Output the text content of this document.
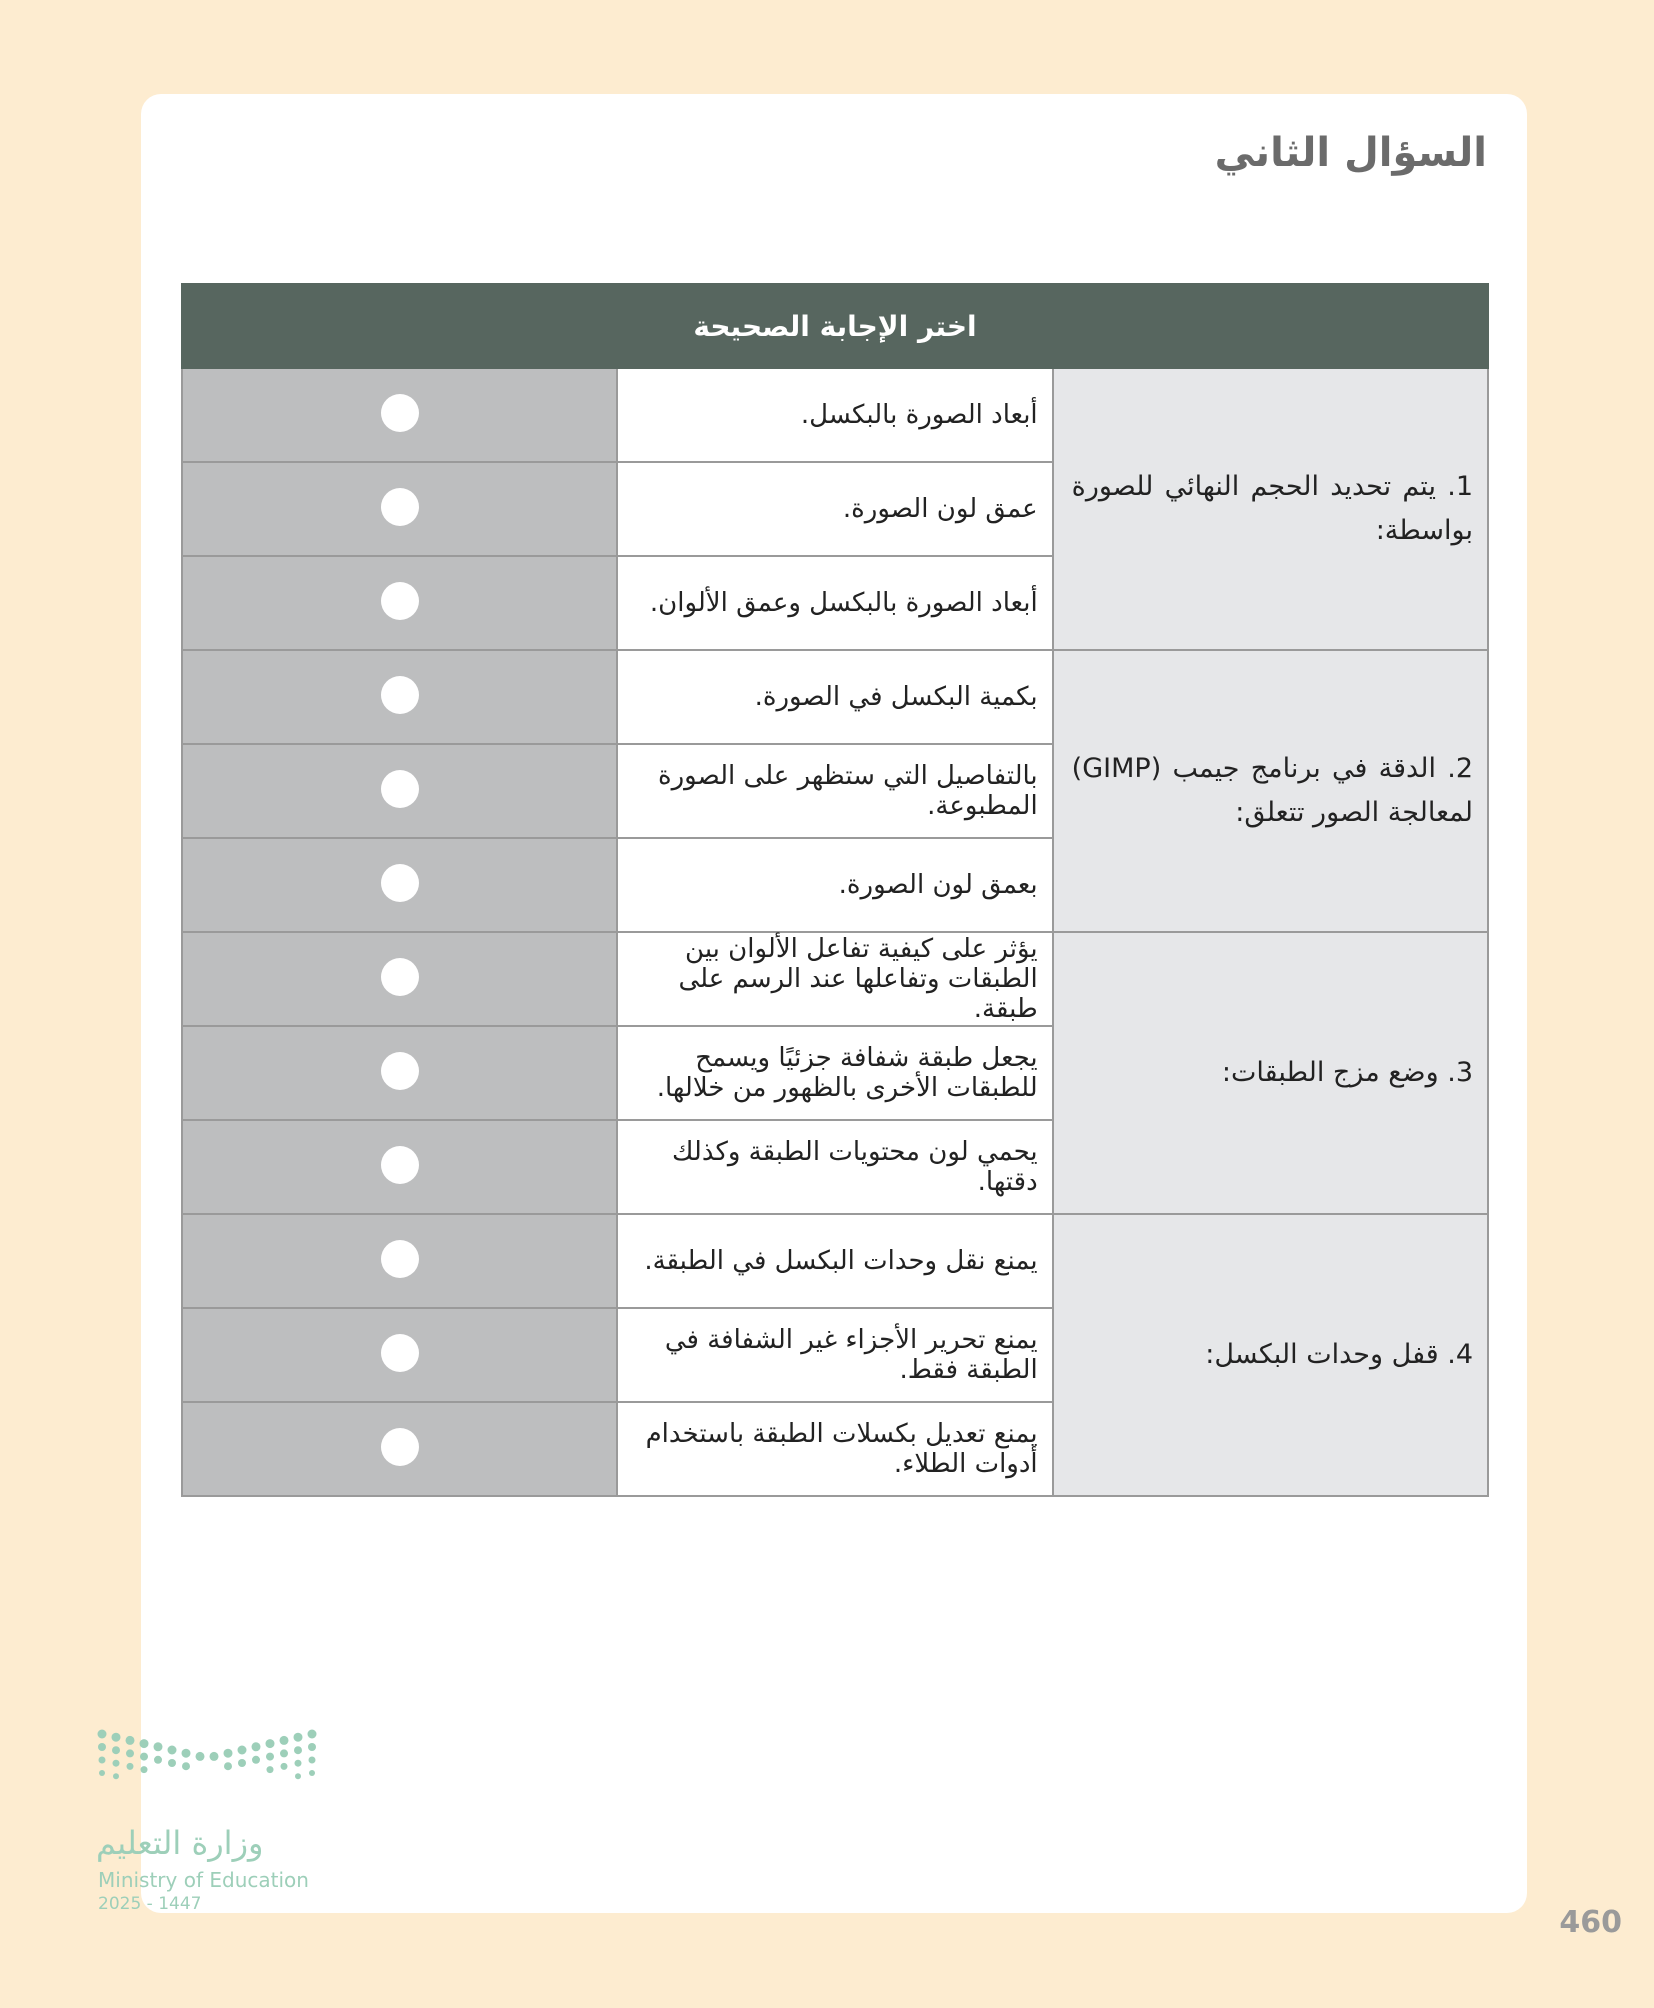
السؤال الثاني
اختر الإجابة الصحيحة		

1. يتم تحديد الحجم النهائي للصورة بواسطة:	أبعاد الصورة بالبكسل.	
	عمق لون الصورة.	
	أبعاد الصورة بالبكسل وعمق الألوان.	

2. الدقة في برنامج جيمب (GIMP) لمعالجة الصور تتعلق:	بكمية البكسل في الصورة.	
	بالتفاصيل التي ستظهر على الصورة المطبوعة.	
	بعمق لون الصورة.	

3. وضع مزج الطبقات:	يؤثر على كيفية تفاعل الألوان بين الطبقات وتفاعلها عند الرسم على طبقة.	
	يجعل طبقة شفافة جزئيًا ويسمح للطبقات الأخرى بالظهور من خلالها.	
	يحمي لون محتويات الطبقة وكذلك دقتها.	

4. قفل وحدات البكسل:	يمنع نقل وحدات البكسل في الطبقة.	
	يمنع تحرير الأجزاء غير الشفافة في الطبقة فقط.	
	يمنع تعديل بكسلات الطبقة باستخدام أدوات الطلاء.	
وزارة التعليم
Ministry of Education
2025 - 1447
460
